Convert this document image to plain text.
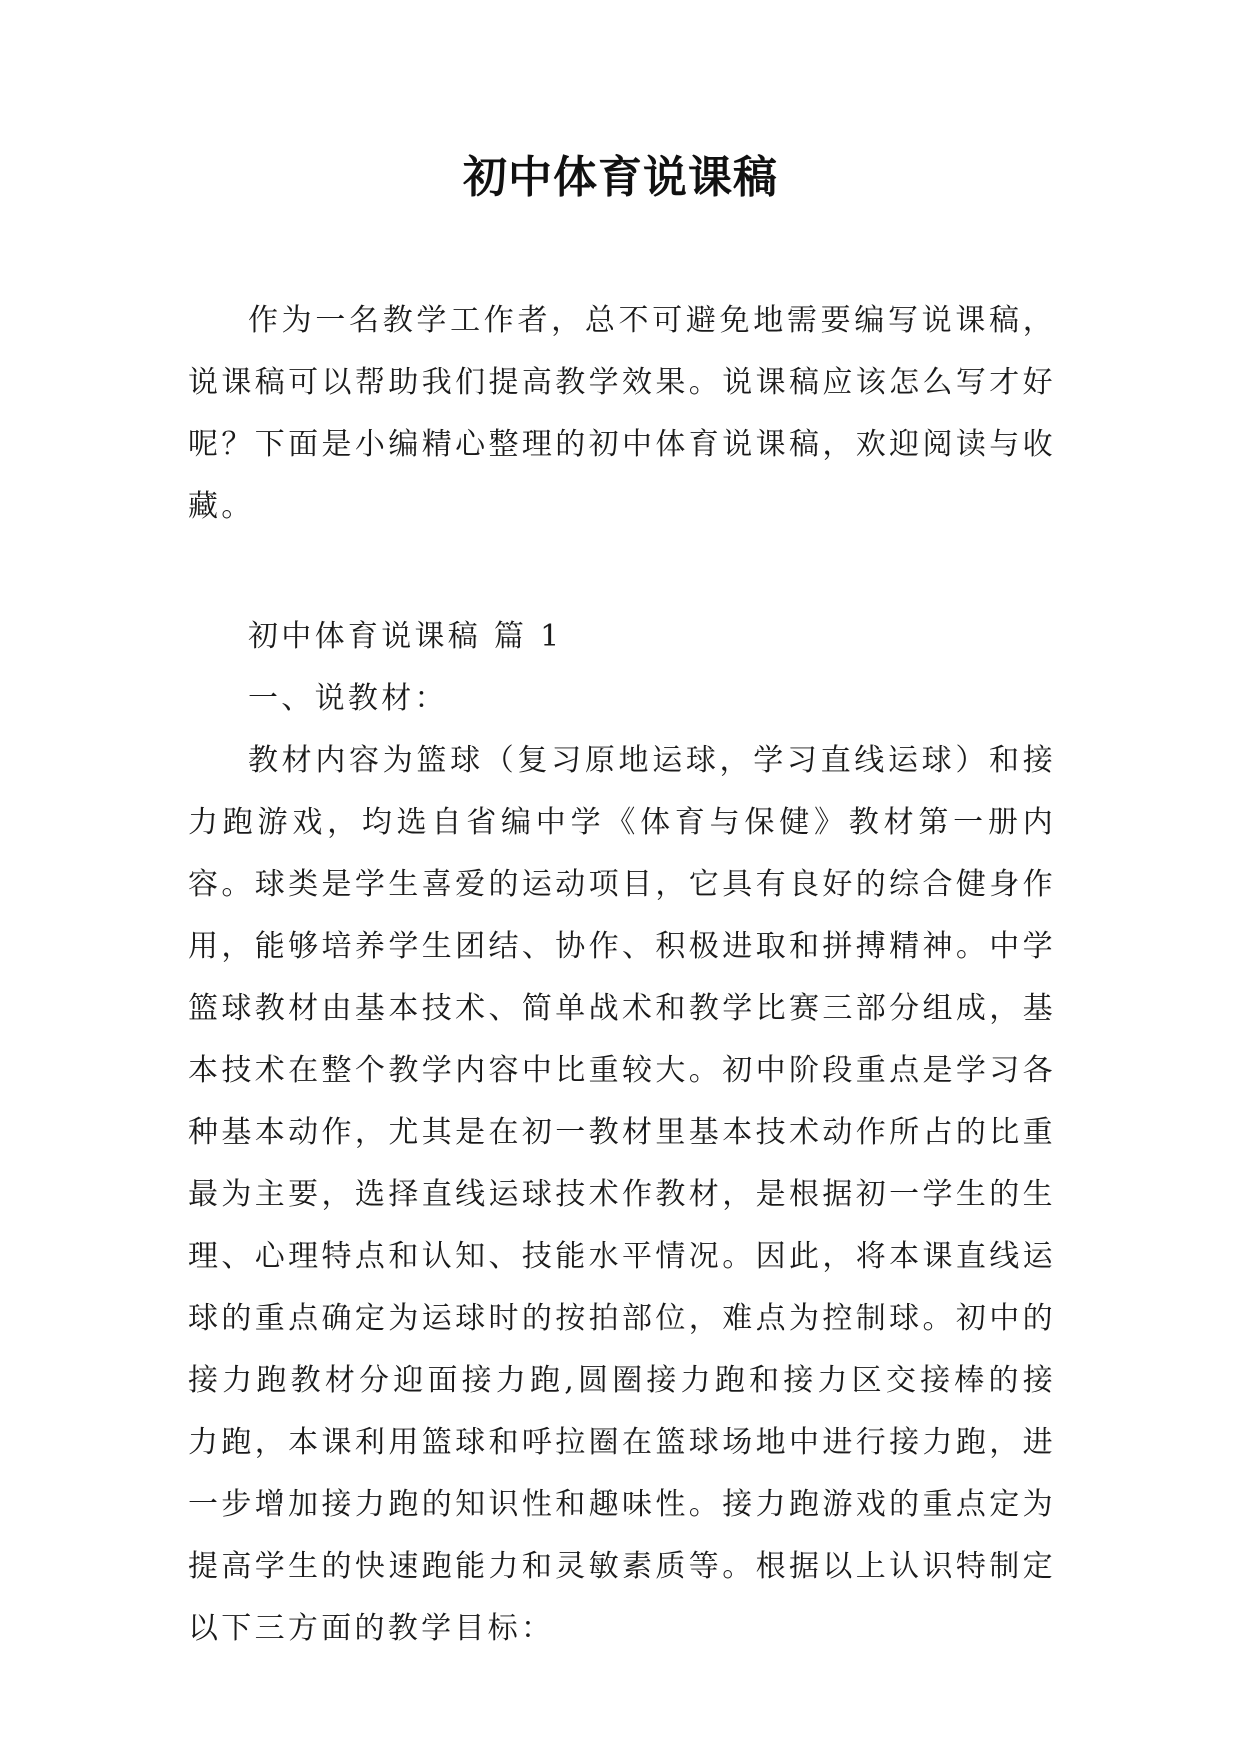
初中体育说课稿

作为一名教学工作者，总不可避免地需要编写说课稿，说课稿可以帮助我们提高教学效果。说课稿应该怎么写才好呢？下面是小编精心整理的初中体育说课稿，欢迎阅读与收藏。

初中体育说课稿 篇 1

一、说教材：

教材内容为篮球（复习原地运球，学习直线运球）和接力跑游戏，均选自省编中学《体育与保健》教材第一册内容。球类是学生喜爱的运动项目，它具有良好的综合健身作用，能够培养学生团结、协作、积极进取和拼搏精神。中学篮球教材由基本技术、简单战术和教学比赛三部分组成，基本技术在整个教学内容中比重较大。初中阶段重点是学习各种基本动作，尤其是在初一教材里基本技术动作所占的比重最为主要，选择直线运球技术作教材，是根据初一学生的生理、心理特点和认知、技能水平情况。因此，将本课直线运球的重点确定为运球时的按拍部位，难点为控制球。初中的接力跑教材分迎面接力跑,圆圈接力跑和接力区交接棒的接力跑，本课利用篮球和呼拉圈在篮球场地中进行接力跑，进一步增加接力跑的知识性和趣味性。接力跑游戏的重点定为提高学生的快速跑能力和灵敏素质等。根据以上认识特制定以下三方面的教学目标：
